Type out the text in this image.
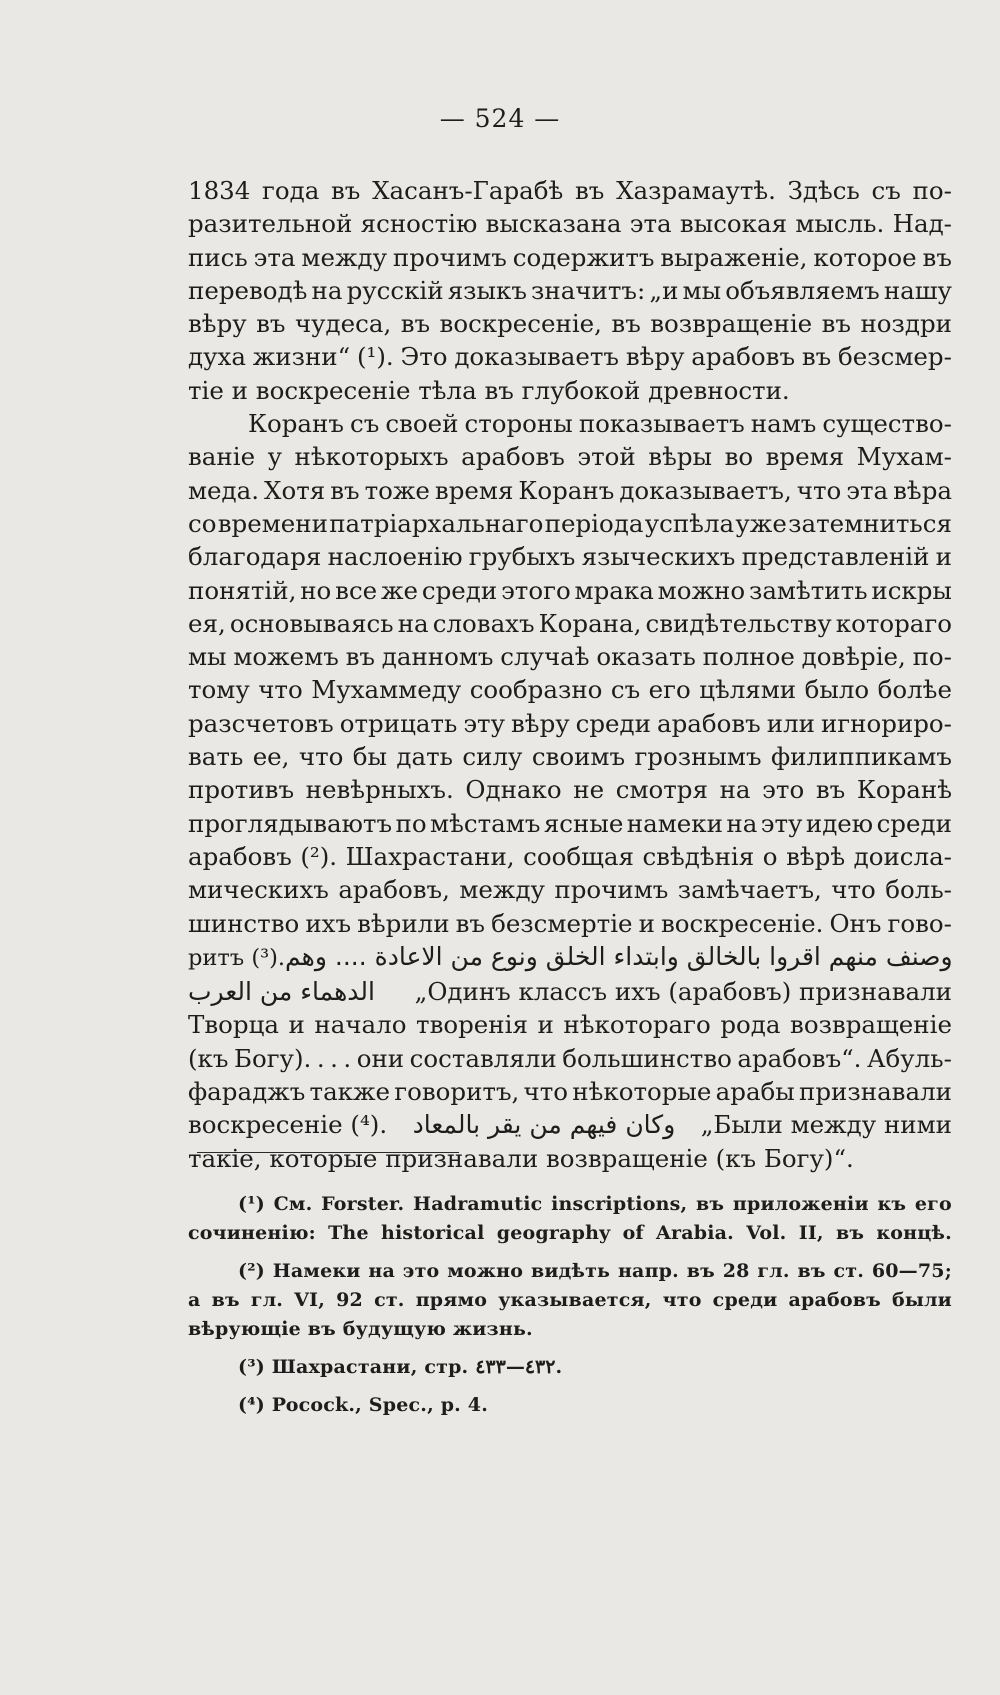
— 524 —
1834 года въ Хасанъ-Гарабѣ въ Хазрамаутѣ. Здѣсь съ по-
разительной ясностію высказана эта высокая мысль. Над-
пись эта между прочимъ содержитъ выраженіе, которое въ
переводѣ на русскій языкъ значитъ: „и мы объявляемъ нашу
вѣру въ чудеса, въ воскресеніе, въ возвращеніе въ ноздри
духа жизни“ (¹). Это доказываетъ вѣру арабовъ въ безсмер-
тіе и воскресеніе тѣла въ глубокой древности.
Коранъ съ своей стороны показываетъ намъ существо-
ваніе у нѣкоторыхъ арабовъ этой вѣры во время Мухам-
меда. Хотя въ тоже время Коранъ доказываетъ, что эта вѣра
со времени патріархальнаго періода успѣла уже затемниться
благодаря наслоенію грубыхъ языческихъ представленій и
понятій, но все же среди этого мрака можно замѣтить искры
ея, основываясь на словахъ Корана, свидѣтельству котораго
мы можемъ въ данномъ случаѣ оказать полное довѣріе, по-
тому что Мухаммеду сообразно съ его цѣлями было болѣе
разсчетовъ отрицать эту вѣру среди арабовъ или игнориро-
вать ее, что бы дать силу своимъ грознымъ филиппикамъ
противъ невѣрныхъ. Однако не смотря на это въ Коранѣ
проглядываютъ по мѣстамъ ясные намеки на эту идею среди
арабовъ (²). Шахрастани, сообщая свѣдѣнія о вѣрѣ доисла-
мическихъ арабовъ, между прочимъ замѣчаетъ, что боль-
шинство ихъ вѣрили въ безсмертіе и воскресеніе. Онъ гово-
ритъ (³). وصنف منهم اقروا بالخالق وابتداء الخلق ونوع من الاعادة .... وهم
الدهماء من العرب „Одинъ классъ ихъ (арабовъ) признавали
Творца и начало творенія и нѣкотораго рода возвращеніе
(къ Богу). . . . они составляли большинство арабовъ“. Абуль-
фараджъ также говоритъ, что нѣкоторые арабы признавали
воскресеніе (⁴). وكان فيهم من يقر بالمعاد „Были между ними
такіе, которые признавали возвращеніе (къ Богу)“.
(¹) См. Forster. Hadramutic inscriptions, въ приложеніи къ его
сочиненію: The historical geography of Arabia. Vol. II, въ концѣ.
(²) Намеки на это можно видѣть напр. въ 28 гл. въ ст. 60—75;
а въ гл. VI, 92 ст. прямо указывается, что среди арабовъ были
вѣрующіе въ будущую жизнь.
(³) Шахрастани, стр. ٤٣٢—٤٣٣.
(⁴) Pocock., Spec., p. 4.
